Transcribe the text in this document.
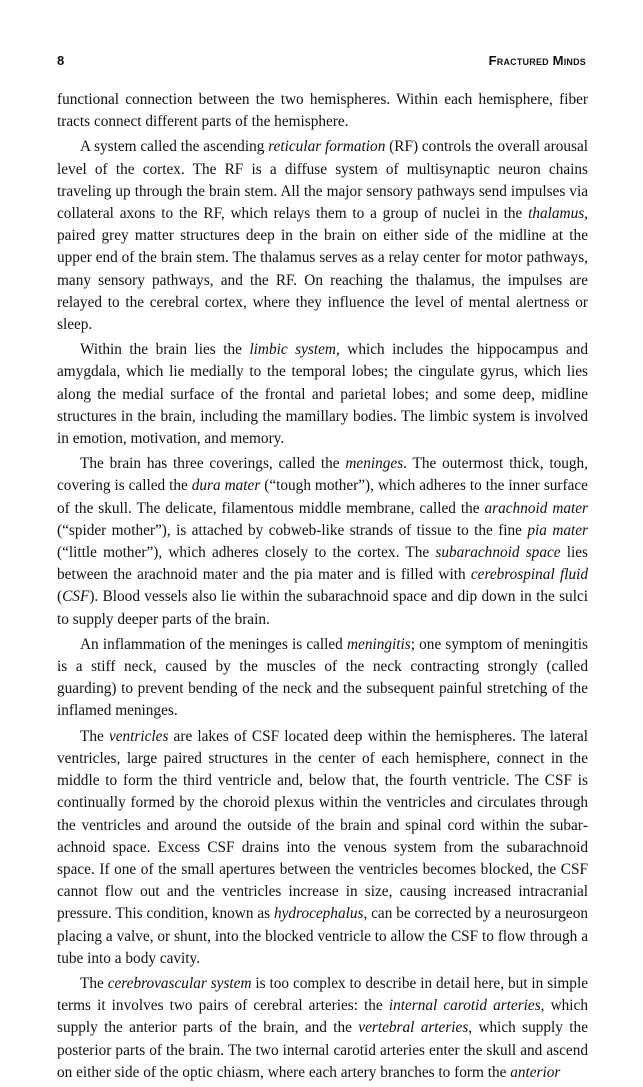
8	Fractured Minds

functional connection between the two hemispheres. Within each hemisphere, fiber tracts connect different parts of the hemisphere.

A system called the ascending reticular formation (RF) controls the overall arousal level of the cortex. The RF is a diffuse system of multisynaptic neuron chains traveling up through the brain stem. All the major sensory pathways send impulses via collateral axons to the RF, which relays them to a group of nuclei in the thalamus, paired grey matter structures deep in the brain on either side of the midline at the upper end of the brain stem. The thalamus serves as a relay center for motor pathways, many sensory pathways, and the RF. On reaching the thalamus, the impulses are relayed to the cerebral cortex, where they influence the level of mental alertness or sleep.

Within the brain lies the limbic system, which includes the hippocampus and amygdala, which lie medially to the temporal lobes; the cingulate gyrus, which lies along the medial surface of the frontal and parietal lobes; and some deep, midline structures in the brain, including the mamillary bodies. The limbic system is involved in emotion, motivation, and memory.

The brain has three coverings, called the meninges. The outermost thick, tough, covering is called the dura mater (“tough mother”), which adheres to the inner surface of the skull. The delicate, filamentous middle membrane, called the arachnoid mater (“spider mother”), is attached by cobweb-like strands of tissue to the fine pia mater (“little mother”), which adheres closely to the cortex. The subarachnoid space lies between the arachnoid mater and the pia mater and is filled with cerebrospinal fluid (CSF). Blood vessels also lie within the subarachnoid space and dip down in the sulci to supply deeper parts of the brain.

An inflammation of the meninges is called meningitis; one symptom of meningitis is a stiff neck, caused by the muscles of the neck contracting strongly (called guarding) to prevent bending of the neck and the subsequent painful stretching of the inflamed meninges.

The ventricles are lakes of CSF located deep within the hemispheres. The lateral ventricles, large paired structures in the center of each hemisphere, connect in the middle to form the third ventricle and, below that, the fourth ventricle. The CSF is continually formed by the choroid plexus within the ventricles and circulates through the ventricles and around the outside of the brain and spinal cord within the subarachnoid space. Excess CSF drains into the venous system from the subarachnoid space. If one of the small apertures between the ventricles becomes blocked, the CSF cannot flow out and the ventricles increase in size, causing increased intracranial pressure. This condition, known as hydrocephalus, can be corrected by a neurosurgeon placing a valve, or shunt, into the blocked ventricle to allow the CSF to flow through a tube into a body cavity.

The cerebrovascular system is too complex to describe in detail here, but in simple terms it involves two pairs of cerebral arteries: the internal carotid arteries, which supply the anterior parts of the brain, and the vertebral arteries, which supply the posterior parts of the brain. The two internal carotid arteries enter the skull and ascend on either side of the optic chiasm, where each artery branches to form the anterior
